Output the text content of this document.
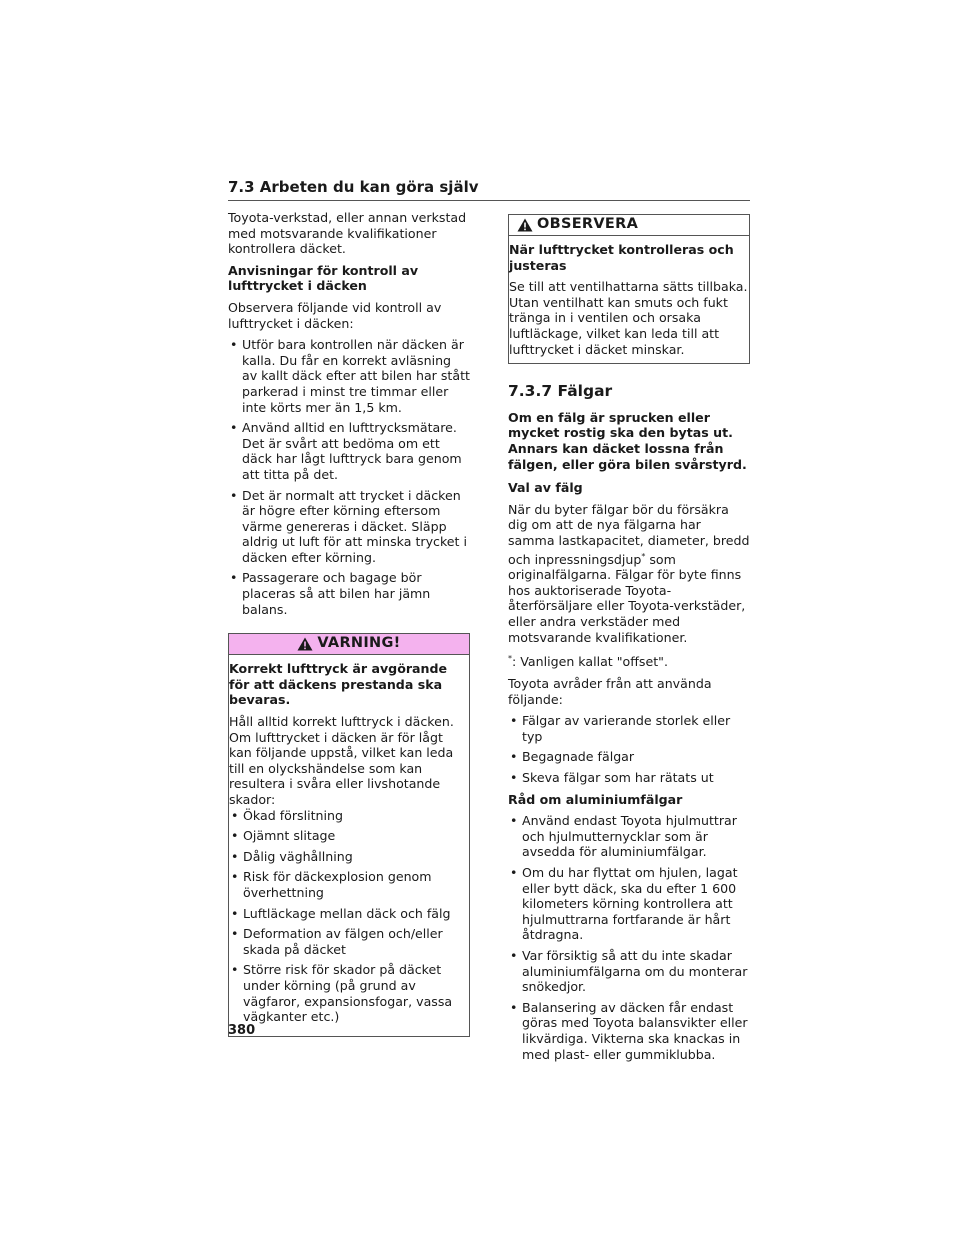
7.3 Arbeten du kan göra själv

Toyota-verkstad, eller annan verkstad med motsvarande kvalifikationer kontrollera däcket.

Anvisningar för kontroll av lufttrycket i däcken

Observera följande vid kontroll av lufttrycket i däcken:

• Utför bara kontrollen när däcken är kalla. Du får en korrekt avläsning av kallt däck efter att bilen har stått parkerad i minst tre timmar eller inte körts mer än 1,5 km.
• Använd alltid en lufttrycksmätare. Det är svårt att bedöma om ett däck har lågt lufttryck bara genom att titta på det.
• Det är normalt att trycket i däcken är högre efter körning eftersom värme genereras i däcket. Släpp aldrig ut luft för att minska trycket i däcken efter körning.
• Passagerare och bagage bör placeras så att bilen har jämn balans.
VARNING!

Korrekt lufttryck är avgörande för att däckens prestanda ska bevaras.

Håll alltid korrekt lufttryck i däcken. Om lufttrycket i däcken är för lågt kan följande uppstå, vilket kan leda till en olyckshändelse som kan resultera i svåra eller livshotande skador:

• Ökad förslitning
• Ojämnt slitage
• Dålig väghållning
• Risk för däckexplosion genom överhettning
• Luftläckage mellan däck och fälg
• Deformation av fälgen och/eller skada på däcket
• Större risk för skador på däcket under körning (på grund av vägfaror, expansionsfogar, vassa vägkanter etc.)
OBSERVERA

När lufttrycket kontrolleras och justeras

Se till att ventilhattarna sätts tillbaka. Utan ventilhatt kan smuts och fukt tränga in i ventilen och orsaka luftläckage, vilket kan leda till att lufttrycket i däcket minskar.

7.3.7 Fälgar

Om en fälg är sprucken eller mycket rostig ska den bytas ut. Annars kan däcket lossna från fälgen, eller göra bilen svårstyrd.

Val av fälg

När du byter fälgar bör du försäkra dig om att de nya fälgarna har samma lastkapacitet, diameter, bredd och inpressningsdjup* som originalfälgarna. Fälgar för byte finns hos auktoriserade Toyota-återförsäljare eller Toyota-verkstäder, eller andra verkstäder med motsvarande kvalifikationer.

*: Vanligen kallat "offset".

Toyota avråder från att använda följande:

• Fälgar av varierande storlek eller typ
• Begagnade fälgar
• Skeva fälgar som har rätats ut

Råd om aluminiumfälgar

• Använd endast Toyota hjulmuttrar och hjulmutternycklar som är avsedda för aluminiumfälgar.
• Om du har flyttat om hjulen, lagat eller bytt däck, ska du efter 1 600 kilometers körning kontrollera att hjulmuttrarna fortfarande är hårt åtdragna.
• Var försiktig så att du inte skadar aluminiumfälgarna om du monterar snökedjor.
• Balansering av däcken får endast göras med Toyota balansvikter eller likvärdiga. Vikterna ska knackas in med plast- eller gummiklubba.
380
